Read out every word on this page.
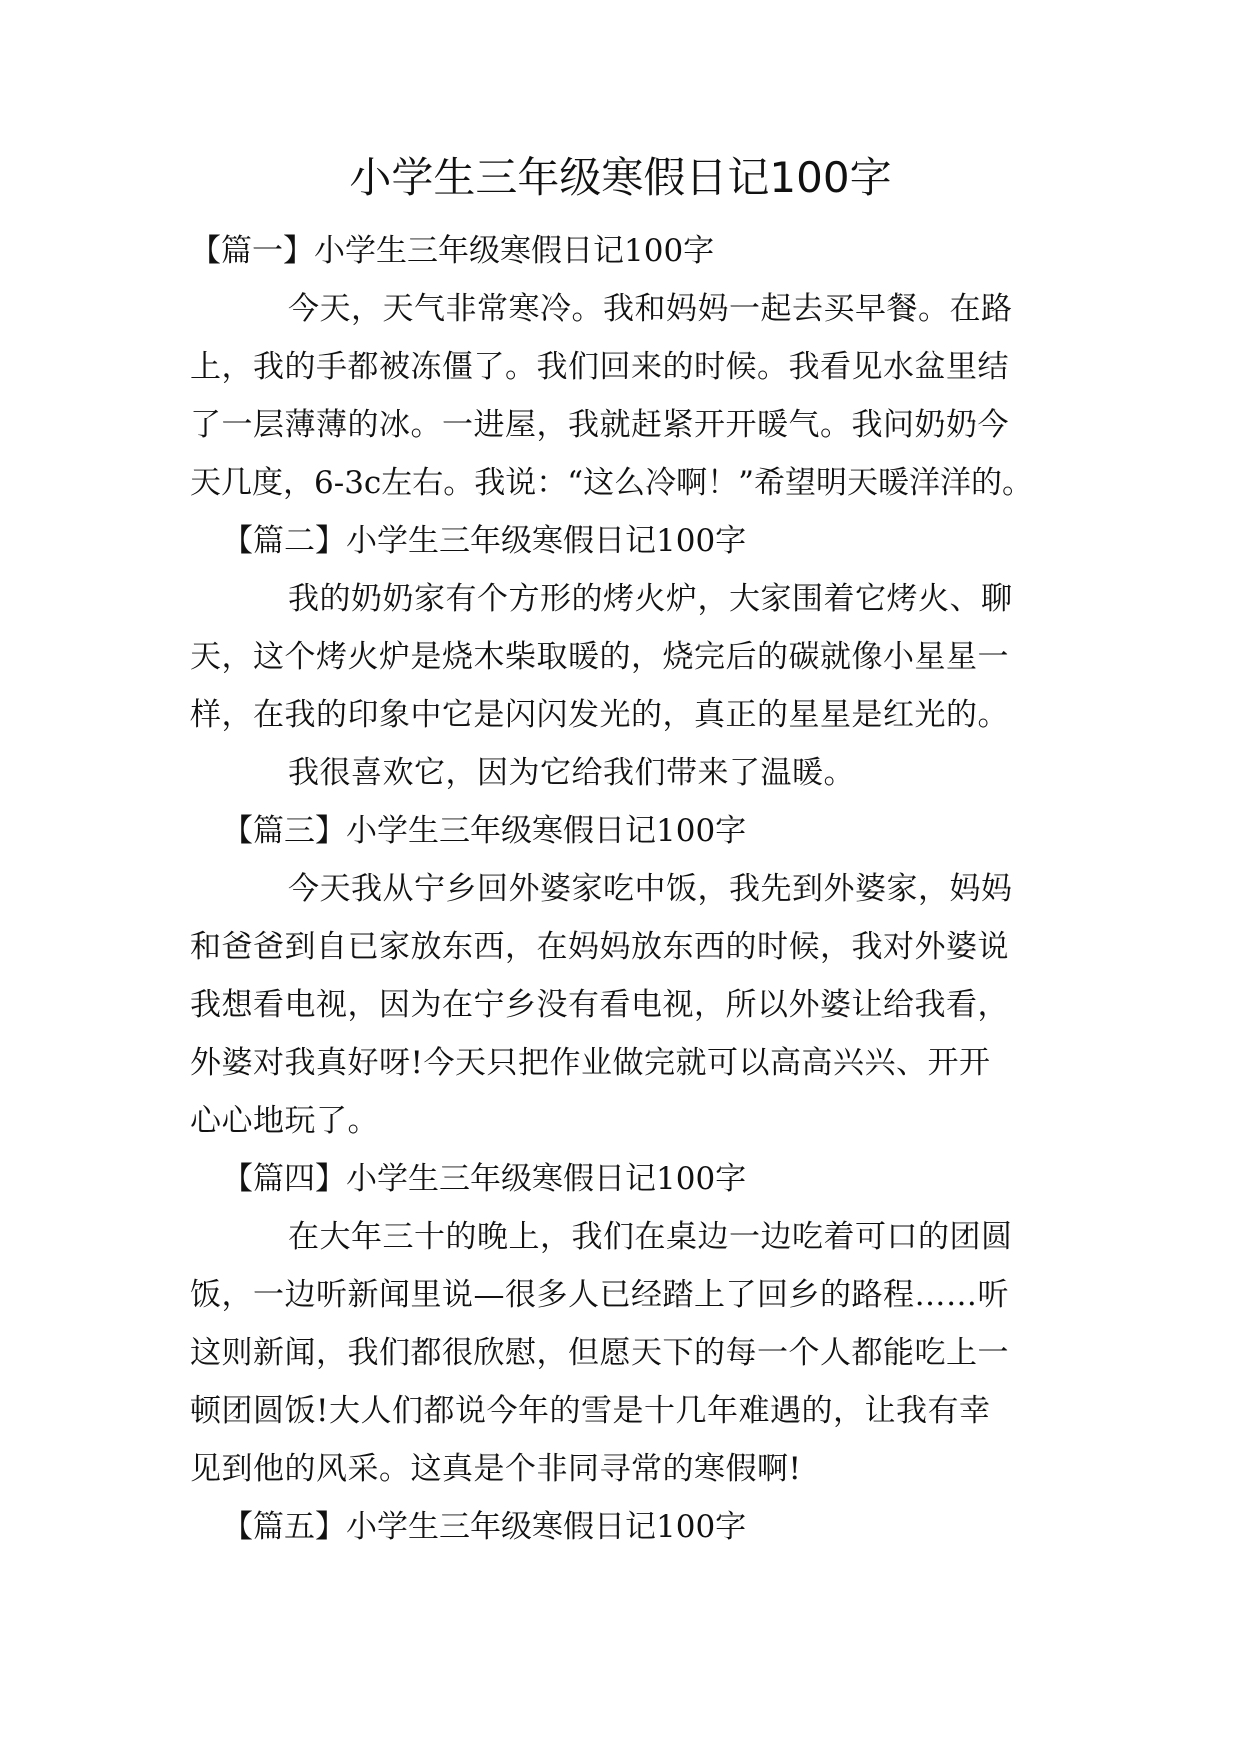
小学生三年级寒假日记100字
【篇一】小学生三年级寒假日记100字

今天，天气非常寒冷。我和妈妈一起去买早餐。在路
上，我的手都被冻僵了。我们回来的时候。我看见水盆里结
了一层薄薄的冰。一进屋，我就赶紧开开暖气。我问奶奶今
天几度，6-3c左右。我说：“这么冷啊！”希望明天暖洋洋的。

【篇二】小学生三年级寒假日记100字

我的奶奶家有个方形的烤火炉，大家围着它烤火、聊
天，这个烤火炉是烧木柴取暖的，烧完后的碳就像小星星一
样，在我的印象中它是闪闪发光的，真正的星星是红光的。

我很喜欢它，因为它给我们带来了温暖。

【篇三】小学生三年级寒假日记100字

今天我从宁乡回外婆家吃中饭，我先到外婆家，妈妈
和爸爸到自已家放东西，在妈妈放东西的时候，我对外婆说
我想看电视，因为在宁乡没有看电视，所以外婆让给我看，
外婆对我真好呀!今天只把作业做完就可以高高兴兴、开开
心心地玩了。

【篇四】小学生三年级寒假日记100字

在大年三十的晚上，我们在桌边一边吃着可口的团圆
饭，一边听新闻里说—很多人已经踏上了回乡的路程……听
这则新闻，我们都很欣慰，但愿天下的每一个人都能吃上一
顿团圆饭!大人们都说今年的雪是十几年难遇的，让我有幸
见到他的风采。这真是个非同寻常的寒假啊!

【篇五】小学生三年级寒假日记100字
